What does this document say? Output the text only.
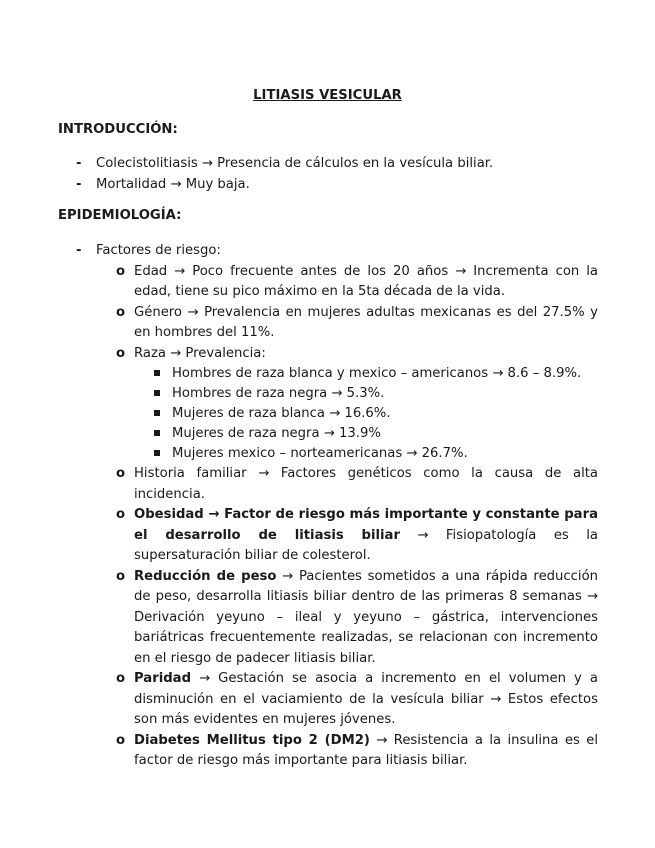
LITIASIS VESICULAR
INTRODUCCIÓN:
- Colecistolitiasis → Presencia de cálculos en la vesícula biliar.
- Mortalidad → Muy baja.
EPIDEMIOLOGÍA:
- Factores de riesgo:
o Edad → Poco frecuente antes de los 20 años → Incrementa con la edad, tiene su pico máximo en la 5ta década de la vida.
o Género → Prevalencia en mujeres adultas mexicanas es del 27.5% y en hombres del 11%.
o Raza → Prevalencia:
Hombres de raza blanca y mexico – americanos → 8.6 – 8.9%.
Hombres de raza negra → 5.3%.
Mujeres de raza blanca → 16.6%.
Mujeres de raza negra → 13.9%
Mujeres mexico – norteamericanas → 26.7%.
o Historia familiar → Factores genéticos como la causa de alta incidencia.
o Obesidad → Factor de riesgo más importante y constante para el desarrollo de litiasis biliar → Fisiopatología es la supersaturación biliar de colesterol.
o Reducción de peso → Pacientes sometidos a una rápida reducción de peso, desarrolla litiasis biliar dentro de las primeras 8 semanas → Derivación yeyuno – ileal y yeyuno – gástrica, intervenciones bariátricas frecuentemente realizadas, se relacionan con incremento en el riesgo de padecer litiasis biliar.
o Paridad → Gestación se asocia a incremento en el volumen y a disminución en el vaciamiento de la vesícula biliar → Estos efectos son más evidentes en mujeres jóvenes.
o Diabetes Mellitus tipo 2 (DM2) → Resistencia a la insulina es el factor de riesgo más importante para litiasis biliar.
